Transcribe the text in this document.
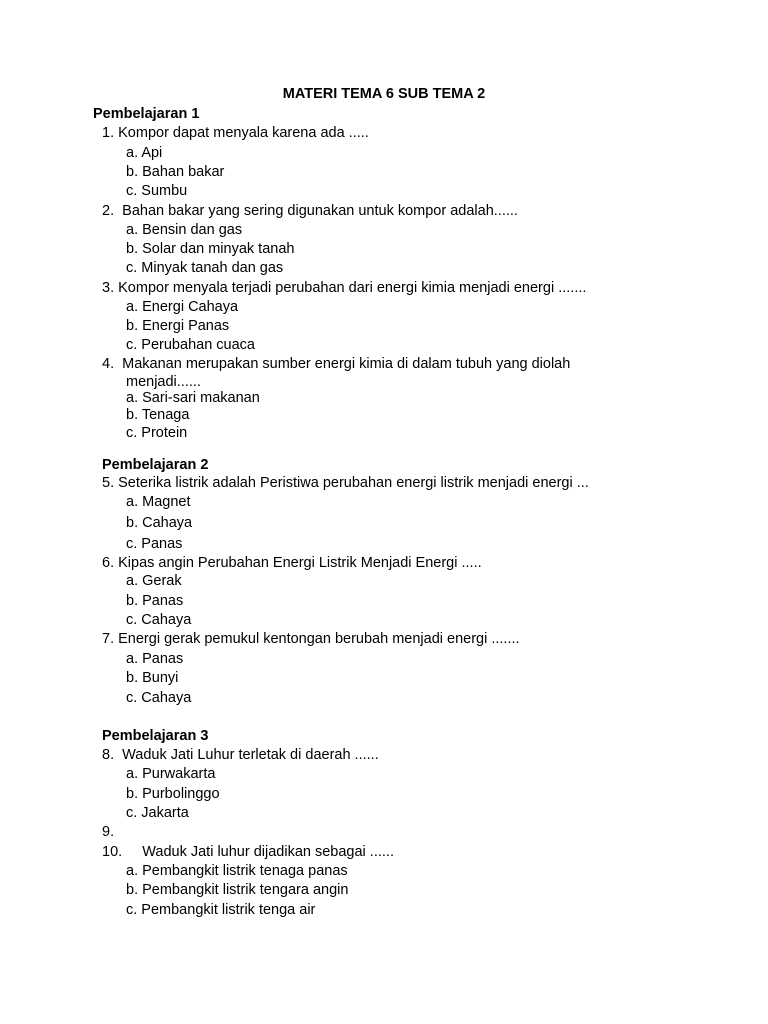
MATERI TEMA 6 SUB TEMA 2
Pembelajaran 1
1. Kompor dapat menyala karena ada .....
a. Api
b. Bahan bakar
c. Sumbu
2. Bahan bakar yang sering digunakan untuk kompor adalah......
a. Bensin dan gas
b. Solar dan minyak tanah
c. Minyak tanah dan gas
3. Kompor menyala terjadi perubahan dari energi kimia menjadi energi .......
a. Energi Cahaya
b. Energi Panas
c. Perubahan cuaca
4. Makanan merupakan sumber energi kimia di dalam tubuh yang diolah
menjadi......
a. Sari-sari makanan
b. Tenaga
c. Protein
Pembelajaran 2
5. Seterika listrik adalah Peristiwa perubahan energi listrik menjadi energi ...
a. Magnet
b. Cahaya
c. Panas
6. Kipas angin Perubahan Energi Listrik Menjadi Energi .....
a. Gerak
b. Panas
c. Cahaya
7. Energi gerak pemukul kentongan berubah menjadi energi .......
a. Panas
b. Bunyi
c. Cahaya
Pembelajaran 3
8. Waduk Jati Luhur terletak di daerah ......
a. Purwakarta
b. Purbolinggo
c. Jakarta
9.
10. Waduk Jati luhur dijadikan sebagai ......
a. Pembangkit listrik tenaga panas
b. Pembangkit listrik tengara angin
c. Pembangkit listrik tenga air
